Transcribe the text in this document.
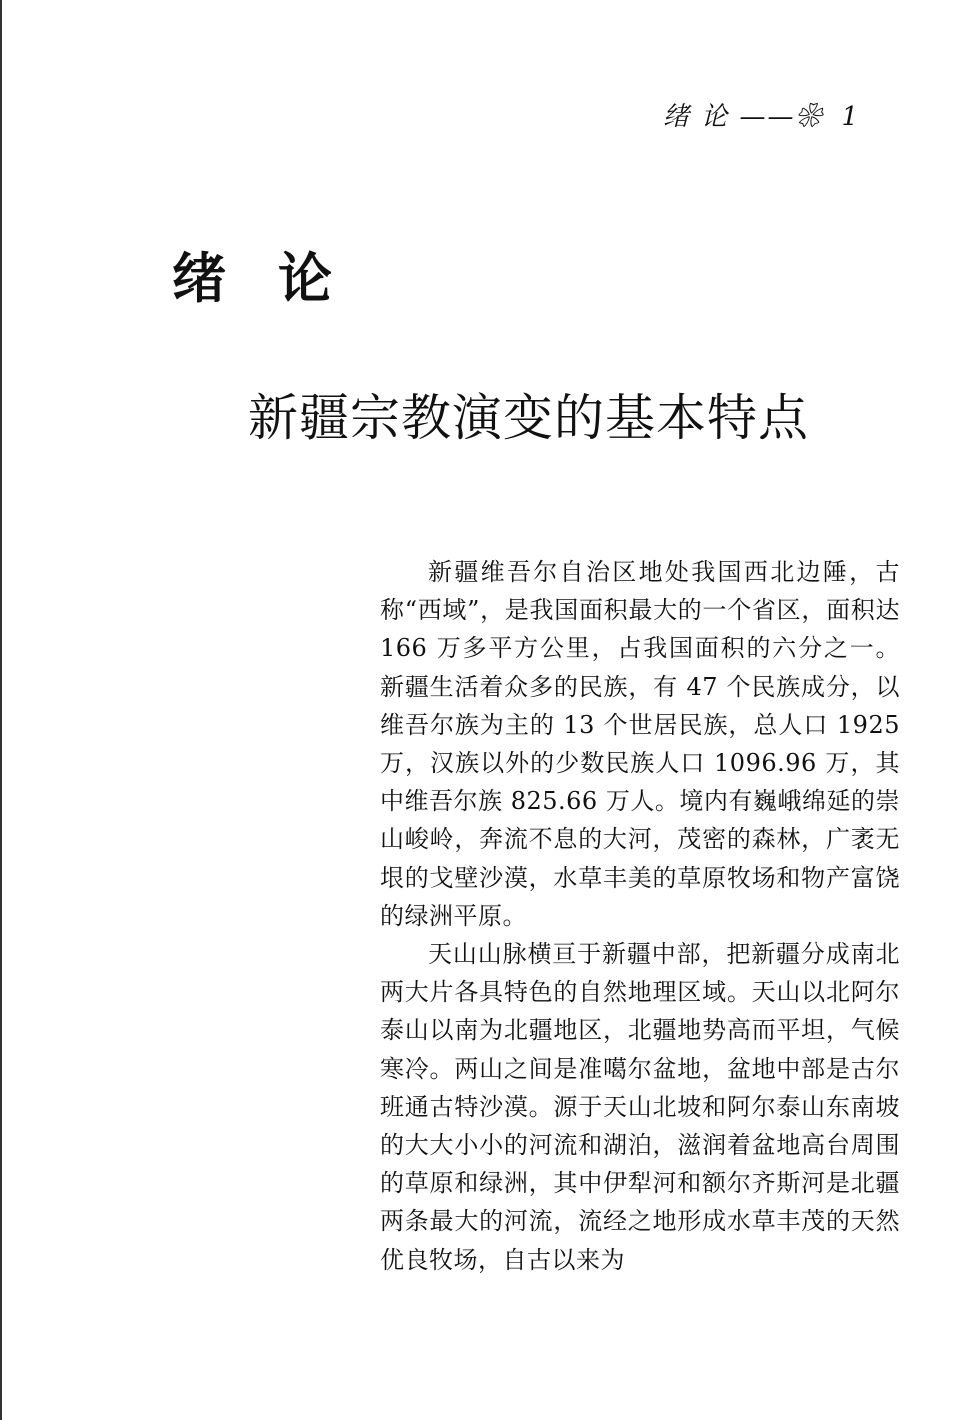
绪 论 ——❀ 1
绪论
新疆宗教演变的基本特点

新疆维吾尔自治区地处我国西北边陲，古称“西域”，是我国面积最大的一个省区，面积达 166 万多平方公里，占我国面积的六分之一。新疆生活着众多的民族，有 47 个民族成分，以维吾尔族为主的 13 个世居民族，总人口 1925 万，汉族以外的少数民族人口 1096.96 万，其中维吾尔族 825.66 万人。境内有巍峨绵延的崇山峻岭，奔流不息的大河，茂密的森林，广袤无垠的戈壁沙漠，水草丰美的草原牧场和物产富饶的绿洲平原。

天山山脉横亘于新疆中部，把新疆分成南北两大片各具特色的自然地理区域。天山以北阿尔泰山以南为北疆地区，北疆地势高而平坦，气候寒冷。两山之间是准噶尔盆地，盆地中部是古尔班通古特沙漠。源于天山北坡和阿尔泰山东南坡的大大小小的河流和湖泊，滋润着盆地高台周围的草原和绿洲，其中伊犁河和额尔齐斯河是北疆两条最大的河流，流经之地形成水草丰茂的天然优良牧场，自古以来为
